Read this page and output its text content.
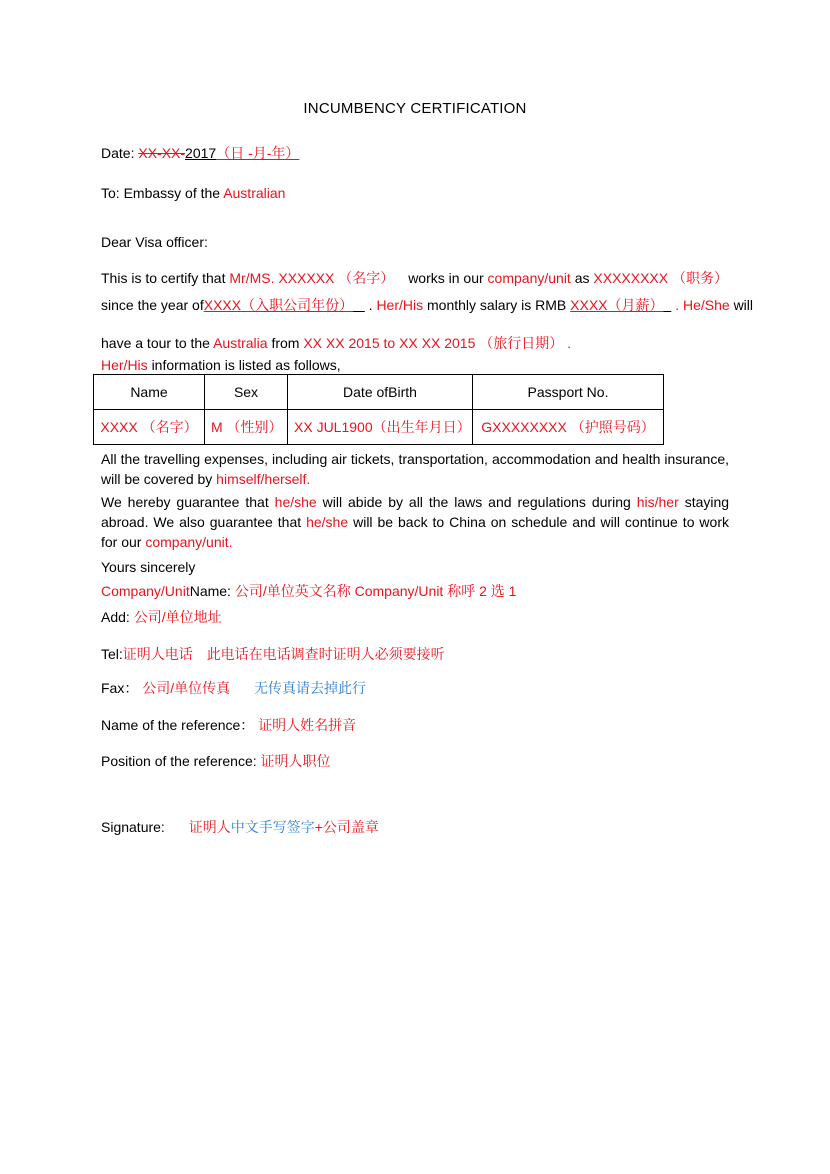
INCUMBENCY CERTIFICATION
Date: XX-XX-2017（日 -月-年）
To: Embassy of the Australian
Dear Visa officer:
This is to certify that Mr/MS. XXXXXX （名字） works in our company/unit as XXXXXXXX （职务）
since the year ofXXXX（入职公司年份） . Her/His monthly salary is RMB XXXX（月薪） . He/She will
have a tour to the Australia from XX XX 2015 to XX XX 2015 （旅行日期） .
Her/His information is listed as follows,
Name	Sex	Date ofBirth	Passport No.
XXXX （名字）	M （性别）	XX JUL1900（出生年月日）	GXXXXXXXX （护照号码）
All the travelling expenses, including air tickets, transportation, accommodation and health insurance, will be covered by himself/herself.
We hereby guarantee that he/she will abide by all the laws and regulations during his/her staying abroad. We also guarantee that he/she will be back to China on schedule and will continue to work for our company/unit.
Yours sincerely
Company/UnitName: 公司/单位英文名称 Company/Unit 称呼 2 选 1
Add: 公司/单位地址
Tel:证明人电话 此电话在电话调查时证明人必须要接听
Fax： 公司/单位传真 无传真请去掉此行
Name of the reference： 证明人姓名拼音
Position of the reference: 证明人职位
Signature: 证明人中文手写签字+公司盖章
